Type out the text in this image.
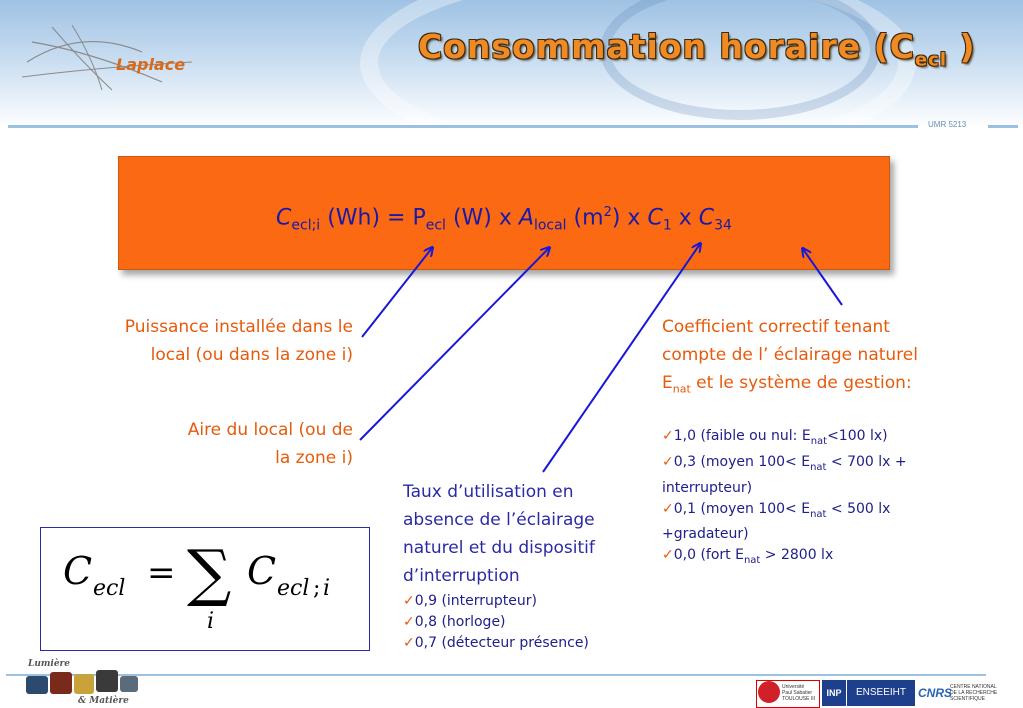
Laplace	Consommation horaire ($C_{ecl}$ )
UMR 5213
$C_{ecl;i}$ $(Wh) = P_{ecl}$ (W) x $A_{local}$ $(m^2)$ x $C_1$ x $C_{34}$
Puissance installée dans le
local (ou dans la zone i)
Aire du local (ou de
la zone i)
Coefficient correctif tenant
compte de l’ éclairage naturel
$E_{nat}$ et le système de gestion:
✓1,0 (faible ou nul: $E_{nat}<100$ lx)
✓0,3 (moyen $100< E_{nat} < 700$ lx +
interrupteur)
✓0,1 (moyen $100< E_{nat} < 500$ lx
+gradateur)
✓0,0 (fort $E_{nat} > 2800$ lx
Taux d’utilisation en
absence de l’éclairage
naturel et du dispositif
d’interruption
✓0,9 (interrupteur)
✓0,8 (horloge)
✓0,7 (détecteur présence)
C ecl = ∑
i
C ecl ; i
Lumière
& Matière
Université
Paul Sabatier
TOULOUSE III
INP	ENSEEIHT	CNRS
CENTRE NATIONAL
DE LA RECHERCHE
SCIENTIFIQUE
